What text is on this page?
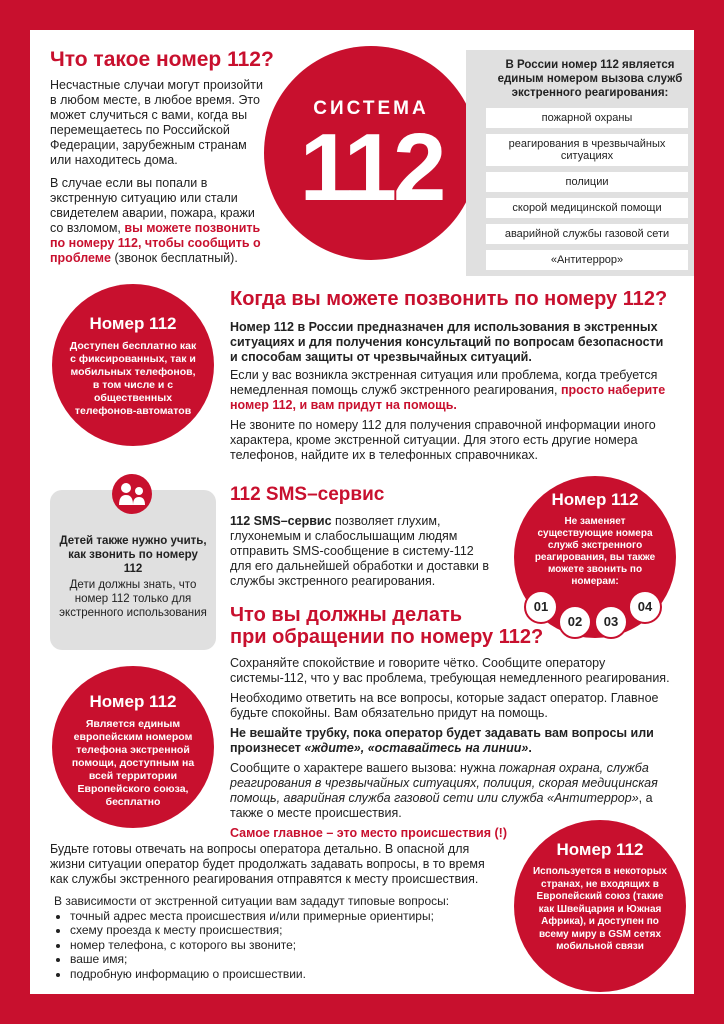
Что такое номер 112?
Несчастные случаи могут произойти в любом месте, в любое время. Это может случиться с вами, когда вы перемещаетесь по Российской Федерации, зарубежным странам или находитесь дома.
В случае если вы попали в экстренную ситуацию или стали свидетелем аварии, пожара, кражи со взломом, вы можете позвонить по номеру 112, чтобы сообщить о проблеме (звонок бесплатный).
СИСТЕМА
112
В России номер 112 является единым номером вызова служб экстренного реагирования:
пожарной охраны
реагирования в чрезвычайных ситуациях
полиции
скорой медицинской помощи
аварийной службы газовой сети
«Антитеррор»
Номер 112
Доступен бесплатно как с фиксированных, так и мобильных телефонов, в том числе и с общественных телефонов-автоматов
Когда вы можете позвонить по номеру 112?
Номер 112 в России предназначен для использования в экстренных ситуациях и для получения консультаций по вопросам безопасности и способам защиты от чрезвычайных ситуаций.
Если у вас возникла экстренная ситуация или проблема, когда требуется немедленная помощь служб экстренного реагирования, просто наберите номер 112, и вам придут на помощь.
Не звоните по номеру 112 для получения справочной информации иного характера, кроме экстренной ситуации. Для этого есть другие номера телефонов, найдите их в телефонных справочниках.
Детей также нужно учить, как звонить по номеру 112
Дети должны знать, что номер 112 только для экстренного использования
112 SMS–сервис
112 SMS–сервис позволяет глухим, глухонемым и слабослышащим людям отправить SMS-сообщение в систему-112 для его дальнейшей обработки и доставки в службы экстренного реагирования.
Номер 112
Не заменяет существующие номера служб экстренного реагирования, вы также можете звонить по номерам:
01
02	03
04
Что вы должны делать
при обращении по номеру 112?
Сохраняйте спокойствие и говорите чётко. Сообщите оператору системы-112, что у вас проблема, требующая немедленного реагирования.
Необходимо ответить на все вопросы, которые задаст оператор. Главное будьте спокойны. Вам обязательно придут на помощь.
Не вешайте трубку, пока оператор будет задавать вам вопросы или произнесет «ждите», «оставайтесь на линии».
Сообщите о характере вашего вызова: нужна пожарная охрана, служба реагирования в чрезвычайных ситуациях, полиция, скорая медицинская помощь, аварийная служба газовой сети или служба «Антитеррор», а также о месте происшествия.
Самое главное – это место происшествия (!)
Номер 112
Является единым европейским номером телефона экстренной помощи, доступным на всей территории Европейского союза, бесплатно
Будьте готовы отвечать на вопросы оператора детально. В опасной для жизни ситуации оператор будет продолжать задавать вопросы, в то время как службы экстренного реагирования отправятся к месту происшествия.
В зависимости от экстренной ситуации вам зададут типовые вопросы:
• точный адрес места происшествия и/или примерные ориентиры;
• схему проезда к месту происшествия;
• номер телефона, с которого вы звоните;
• ваше имя;
• подробную информацию о происшествии.
Номер 112
Используется в некоторых странах, не входящих в Европейский союз (такие как Швейцария и Южная Африка), и доступен по всему миру в GSM сетях мобильной связи
